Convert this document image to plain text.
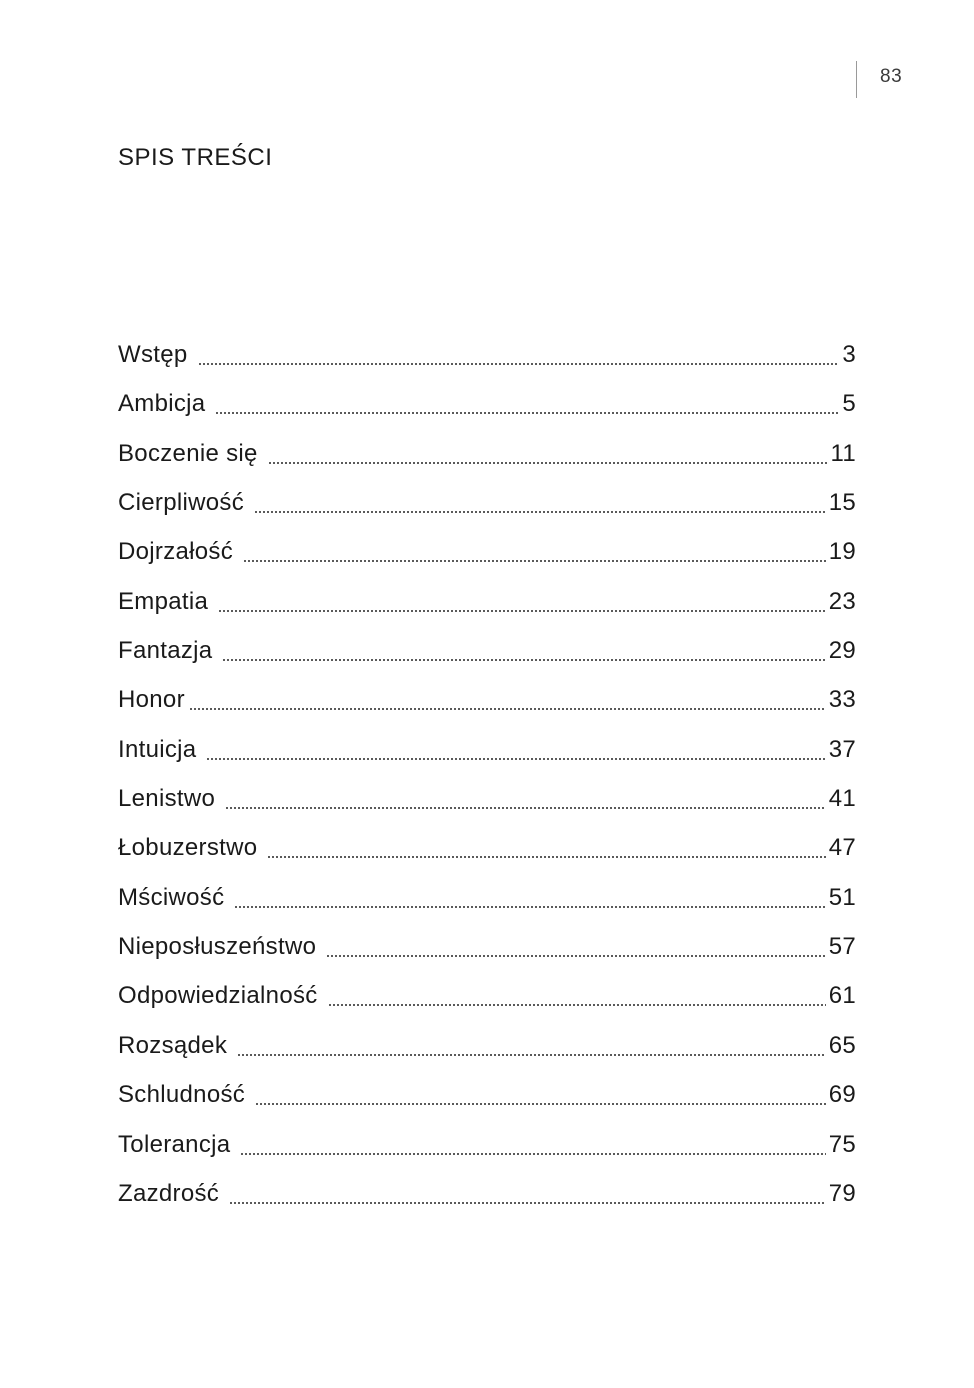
83
SPIS TREŚCI
Wstęp	3
Ambicja	5
Boczenie się	11
Cierpliwość	15
Dojrzałość	19
Empatia	23
Fantazja	29
Honor	33
Intuicja	37
Lenistwo	41
Łobuzerstwo	47
Mściwość	51
Nieposłuszeństwo	57
Odpowiedzialność	61
Rozsądek	65
Schludność	69
Tolerancja	75
Zazdrość	79
